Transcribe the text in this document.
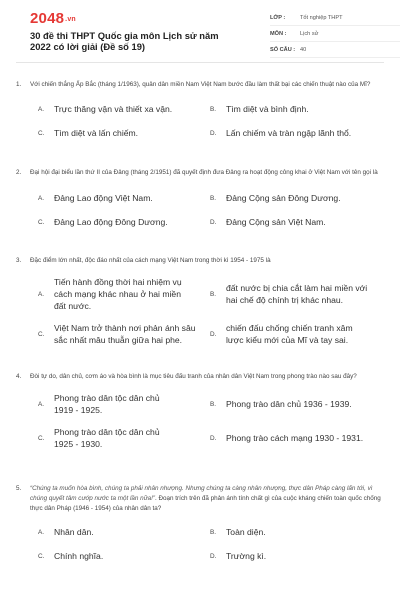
2048.vn
30 đề thi THPT Quốc gia môn Lịch sử năm 2022 có lời giải (Đề số 19)
LỚP :	Tốt nghiệp THPT
MÔN :	Lịch sử
SỐ CÂU : 40
1.	Với chiến thắng Ấp Bắc (tháng 1/1963), quân dân miền Nam Việt Nam bước đầu làm thất bại các chiến thuật nào của Mĩ?
A.	Trực thăng vận và thiết xa vận.	B.	Tìm diệt và bình định.
C.	Tìm diệt và lấn chiếm.	D.	Lấn chiếm và tràn ngập lãnh thổ.
2.	Đại hội đại biểu lần thứ II của Đảng (tháng 2/1951) đã quyết định đưa Đảng ra hoạt động công khai ở Việt Nam với tên gọi là
A.	Đảng Lao động Việt Nam.	B.	Đảng Cộng sản Đông Dương.
C.	Đảng Lao động Đông Dương.	D.	Đảng Cộng sản Việt Nam.
3.	Đặc điểm lớn nhất, độc đáo nhất của cách mạng Việt Nam trong thời kì 1954 - 1975 là
A.
Tiến hành đồng thời hai nhiệm vụ cách mạng khác nhau ở hai miền đất nước.
B.
đất nước bị chia cắt làm hai miền với hai chế độ chính trị khác nhau.
C.
Việt Nam trở thành nơi phản ánh sâu sắc nhất mâu thuẫn giữa hai phe.
D.
chiến đấu chống chiến tranh xâm lược kiểu mới của Mĩ và tay sai.
4.	Đòi tự do, dân chủ, cơm áo và hòa bình là mục tiêu đấu tranh của nhân dân Việt Nam trong phong trào nào sau đây?
A.
Phong trào dân tộc dân chủ 1919 - 1925.
B.	Phong trào dân chủ 1936 - 1939.
C.
Phong trào dân tộc dân chủ 1925 - 1930.
D.	Phong trào cách mạng 1930 - 1931.
5.	“Chúng ta muốn hòa bình, chúng ta phải nhân nhượng. Nhưng chúng ta càng nhân nhượng, thực dân Pháp càng lấn tới, vì chúng quyết tâm cướp nước ta một lần nữa!”. Đoạn trích trên đã phản ánh tính chất gì của cuộc kháng chiến toàn quốc chống thực dân Pháp (1946 - 1954) của nhân dân ta?
A.	Nhân dân.	B.	Toàn diện.
C.	Chính nghĩa.	D.	Trường kì.
